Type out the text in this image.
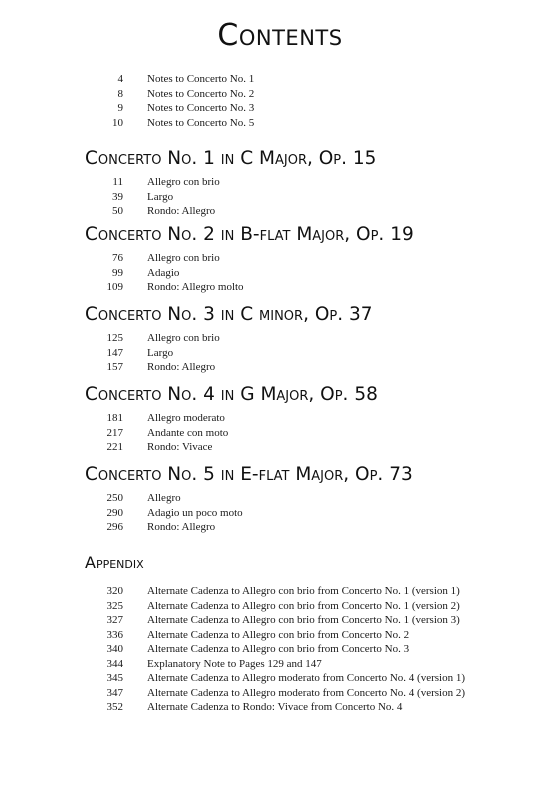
Contents
4	Notes to Concerto No. 1
8	Notes to Concerto No. 2
9	Notes to Concerto No. 3
10	Notes to Concerto No. 5
Concerto No. 1 in C Major, Op. 15
11	Allegro con brio
39	Largo
50	Rondo: Allegro
Concerto No. 2 in B-flat Major, Op. 19
76	Allegro con brio
99	Adagio
109	Rondo: Allegro molto
Concerto No. 3 in C minor, Op. 37
125	Allegro con brio
147	Largo
157	Rondo: Allegro
Concerto No. 4 in G Major, Op. 58
181	Allegro moderato
217	Andante con moto
221	Rondo: Vivace
Concerto No. 5 in E-flat Major, Op. 73
250	Allegro
290	Adagio un poco moto
296	Rondo: Allegro
Appendix
320	Alternate Cadenza to Allegro con brio from Concerto No. 1 (version 1)
325	Alternate Cadenza to Allegro con brio from Concerto No. 1 (version 2)
327	Alternate Cadenza to Allegro con brio from Concerto No. 1 (version 3)
336	Alternate Cadenza to Allegro con brio from Concerto No. 2
340	Alternate Cadenza to Allegro con brio from Concerto No. 3
344	Explanatory Note to Pages 129 and 147
345	Alternate Cadenza to Allegro moderato from Concerto No. 4 (version 1)
347	Alternate Cadenza to Allegro moderato from Concerto No. 4 (version 2)
352	Alternate Cadenza to Rondo: Vivace from Concerto No. 4
